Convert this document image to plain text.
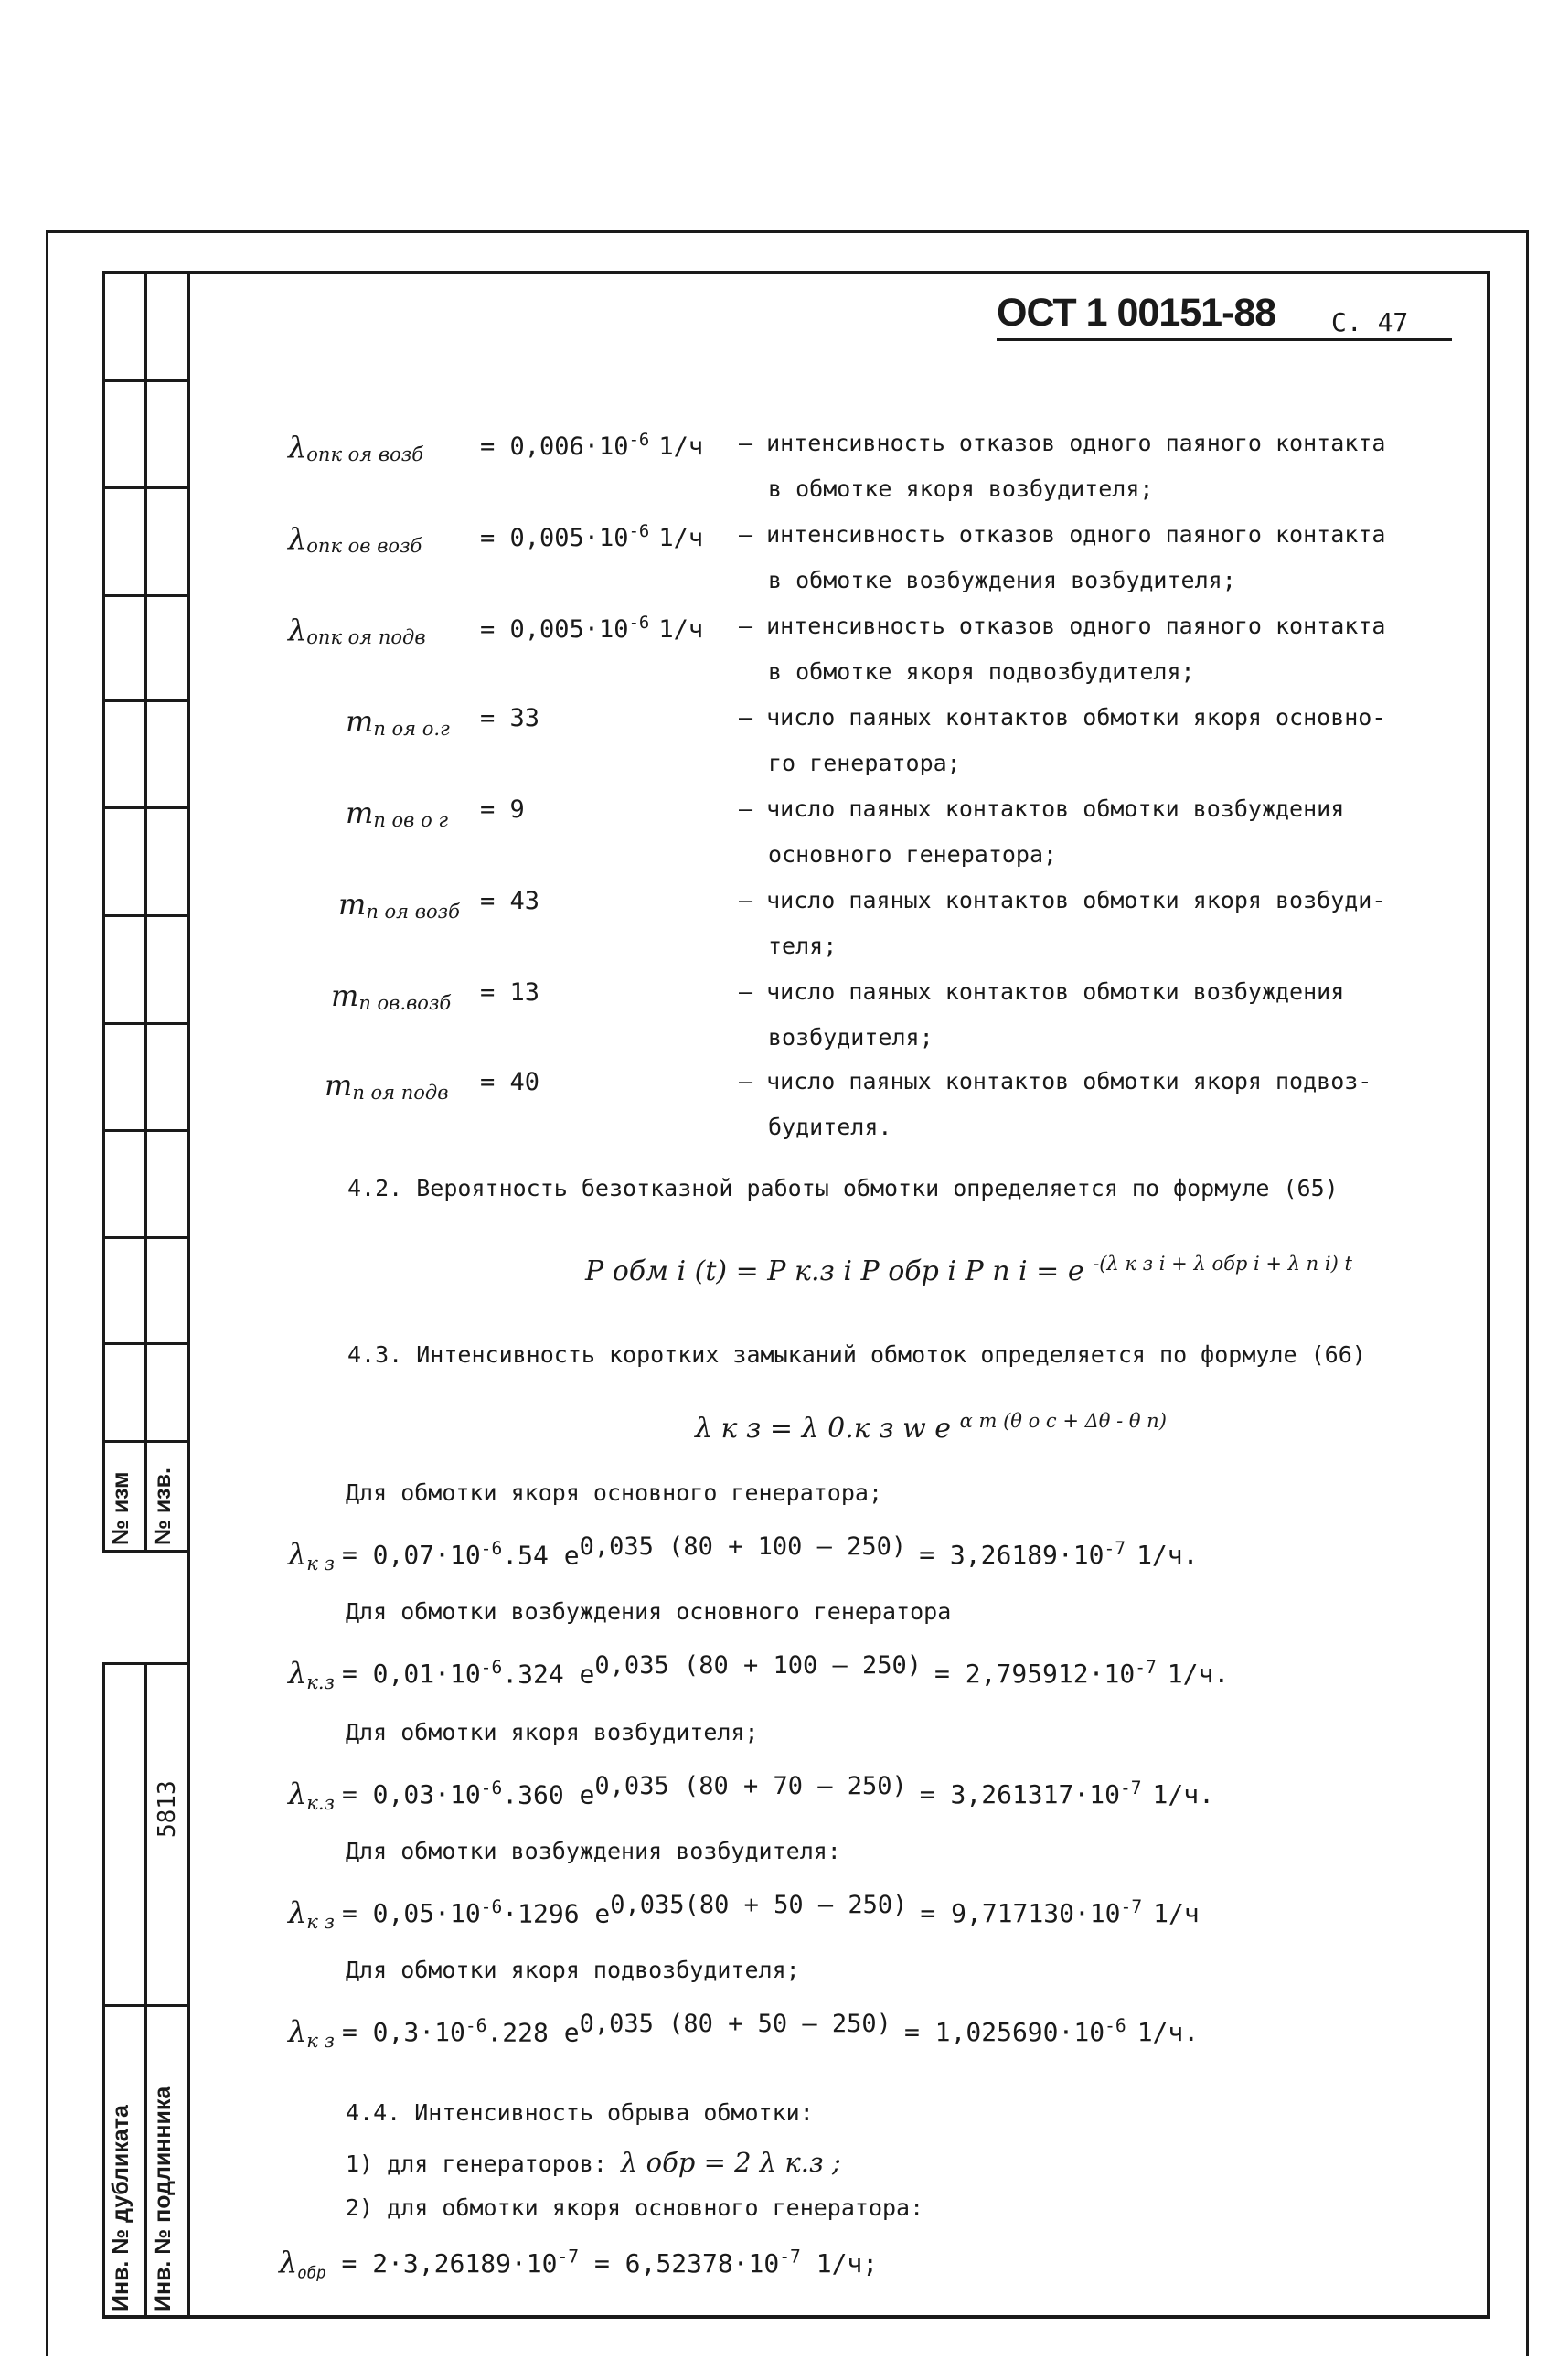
№ изм № изв.
5813
Инв. № дубликата Инв. № подлинника
ОСТ 1 00151-88 С. 47
λопк оя возб = $0,006\cdot 10^{-6}$ 1/ч – интенсивность отказов одного паяного контакта
в обмотке якоря возбудителя;
λопк ов возб = $0,005\cdot 10^{-6}$ 1/ч – интенсивность отказов одного паяного контакта
в обмотке возбуждения возбудителя;
λопк оя подв = $0,005\cdot 10^{-6}$ 1/ч – интенсивность отказов одного паяного контакта
в обмотке якоря подвозбудителя;
mп оя о.г = 33	– число паяных контактов обмотки якоря основно-
го генератора;
mп ов о г = 9	– число паяных контактов обмотки возбуждения
основного генератора;
mп оя возб = 43	– число паяных контактов обмотки якоря возбуди-
теля;
mп ов.возб = 13	– число паяных контактов обмотки возбуждения
возбудителя;
mп оя подв = 40	– число паяных контактов обмотки якоря подвоз-
будителя.
4.2. Вероятность безотказной работы обмотки определяется по формуле (65)
P обм i (t) = P к.з i P обр i P п i = e $^{-(\lambda к з i + \lambda обр i + \lambda п i) t}$
4.3. Интенсивность коротких замыканий обмоток определяется по формуле (66)
λ к з = λ 0.к з w e $^{\alpha т (\theta о с + \Delta\theta - \theta п)}$
Для обмотки якоря основного генератора;
$\lambda_{к з} = 0,07\cdot 10^{-6}.54$ e0,035 $(80 + 100 - 250) = 3,26189\cdot 10^{-7}$ 1/ч.
Для обмотки возбуждения основного генератора
$\lambda_{к.з} = 0,01\cdot 10^{-6}.324$ e0,035 $(80 + 100 - 250) = 2,795912\cdot 10^{-7}$ 1/ч.
Для обмотки якоря возбудителя;
$\lambda_{к.з} = 0,03\cdot 10^{-6}.360$ e0,035 $(80 + 70 - 250) = 3,261317\cdot 10^{-7}$ 1/ч.
Для обмотки возбуждения возбудителя:
$\lambda_{к з} = 0,05\cdot 10^{-6}\cdot 1296$ $e0,035(80 + 50 - 250) = 9,717130\cdot 10^{-7}$ 1/ч
Для обмотки якоря подвозбудителя;
$\lambda_{к з} = 0,3\cdot 10^{-6}.228$ e0,035 $(80 + 50 - 250) = 1,025690\cdot 10^{-6}$ 1/ч.
4.4. Интенсивность обрыва обмотки:
1) для генераторов: λ обр = 2 λ к.з ;
2) для обмотки якоря основного генератора:
$\lambda_{обр} = 2\cdot 3,26189\cdot 10^{-7} = 6,52378\cdot 10^{-7}$ 1/ч;
